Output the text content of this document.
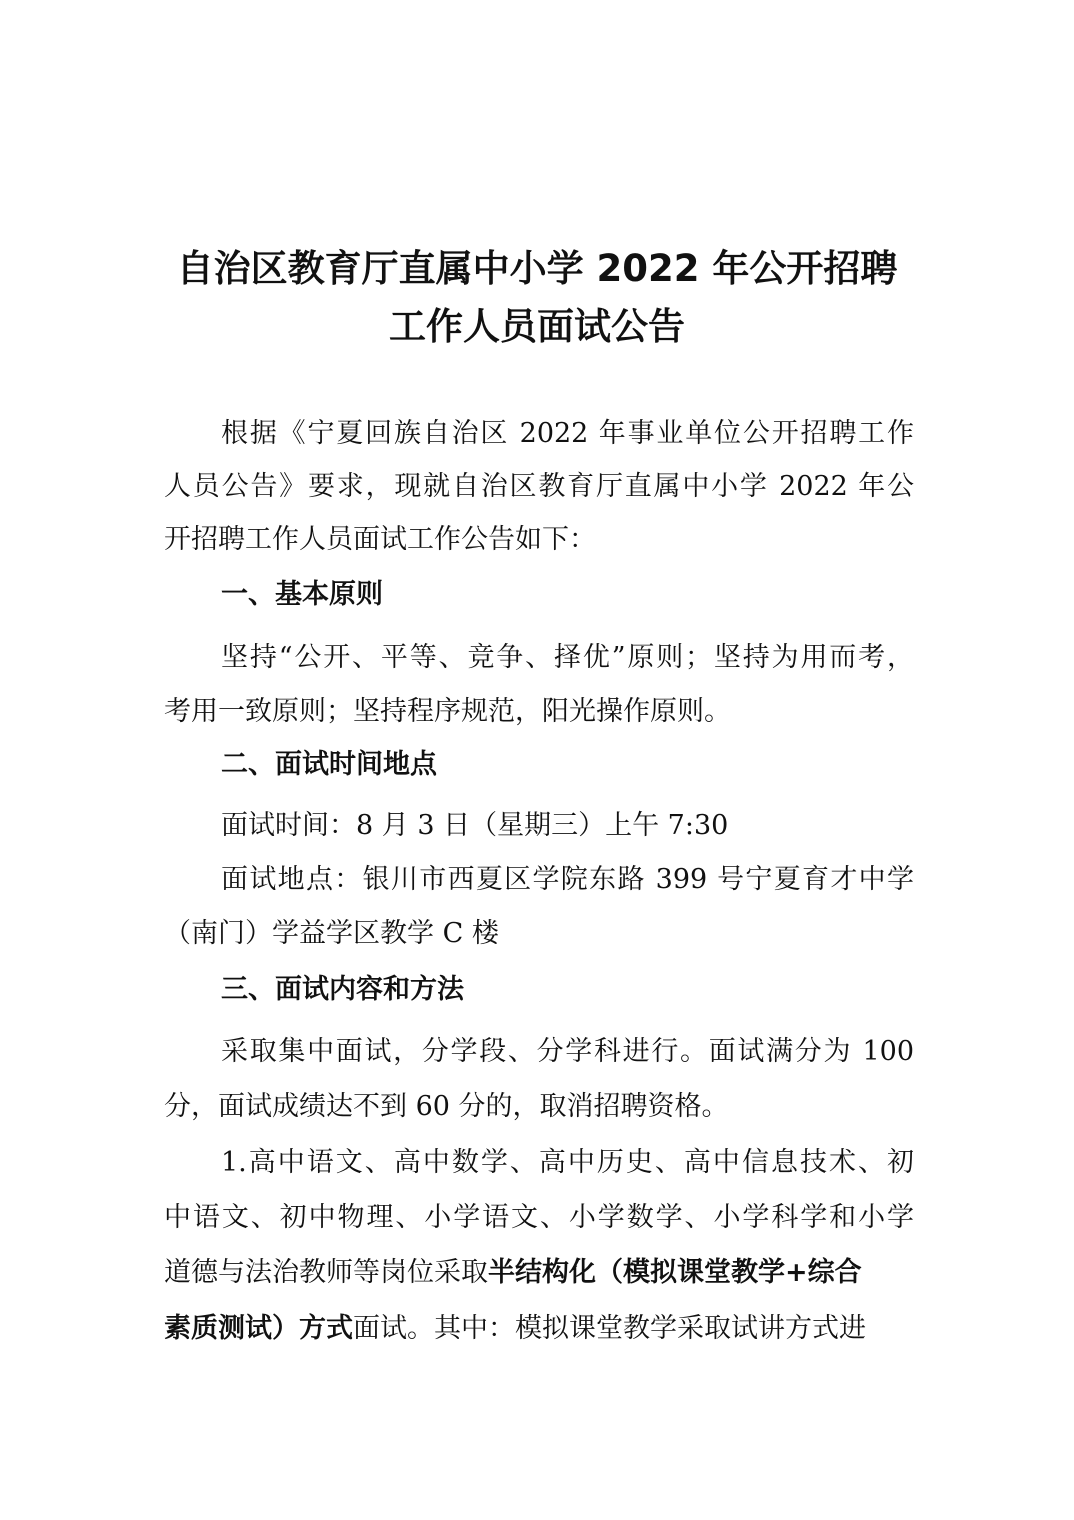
自治区教育厅直属中小学 2022 年公开招聘
工作人员面试公告
根据《宁夏回族自治区 2022 年事业单位公开招聘工作
人员公告》要求，现就自治区教育厅直属中小学 2022 年公
开招聘工作人员面试工作公告如下：
一、基本原则
坚持“公开、平等、竞争、择优”原则；坚持为用而考，
考用一致原则；坚持程序规范，阳光操作原则。
二、面试时间地点
面试时间：8 月 3 日（星期三）上午 7:30
面试地点：银川市西夏区学院东路 399 号宁夏育才中学
（南门）学益学区教学 C 楼
三、面试内容和方法
采取集中面试，分学段、分学科进行。面试满分为 100
分，面试成绩达不到 60 分的，取消招聘资格。
1.高中语文、高中数学、高中历史、高中信息技术、初
中语文、初中物理、小学语文、小学数学、小学科学和小学
道德与法治教师等岗位采取半结构化（模拟课堂教学+综合
素质测试）方式面试。其中：模拟课堂教学采取试讲方式进
